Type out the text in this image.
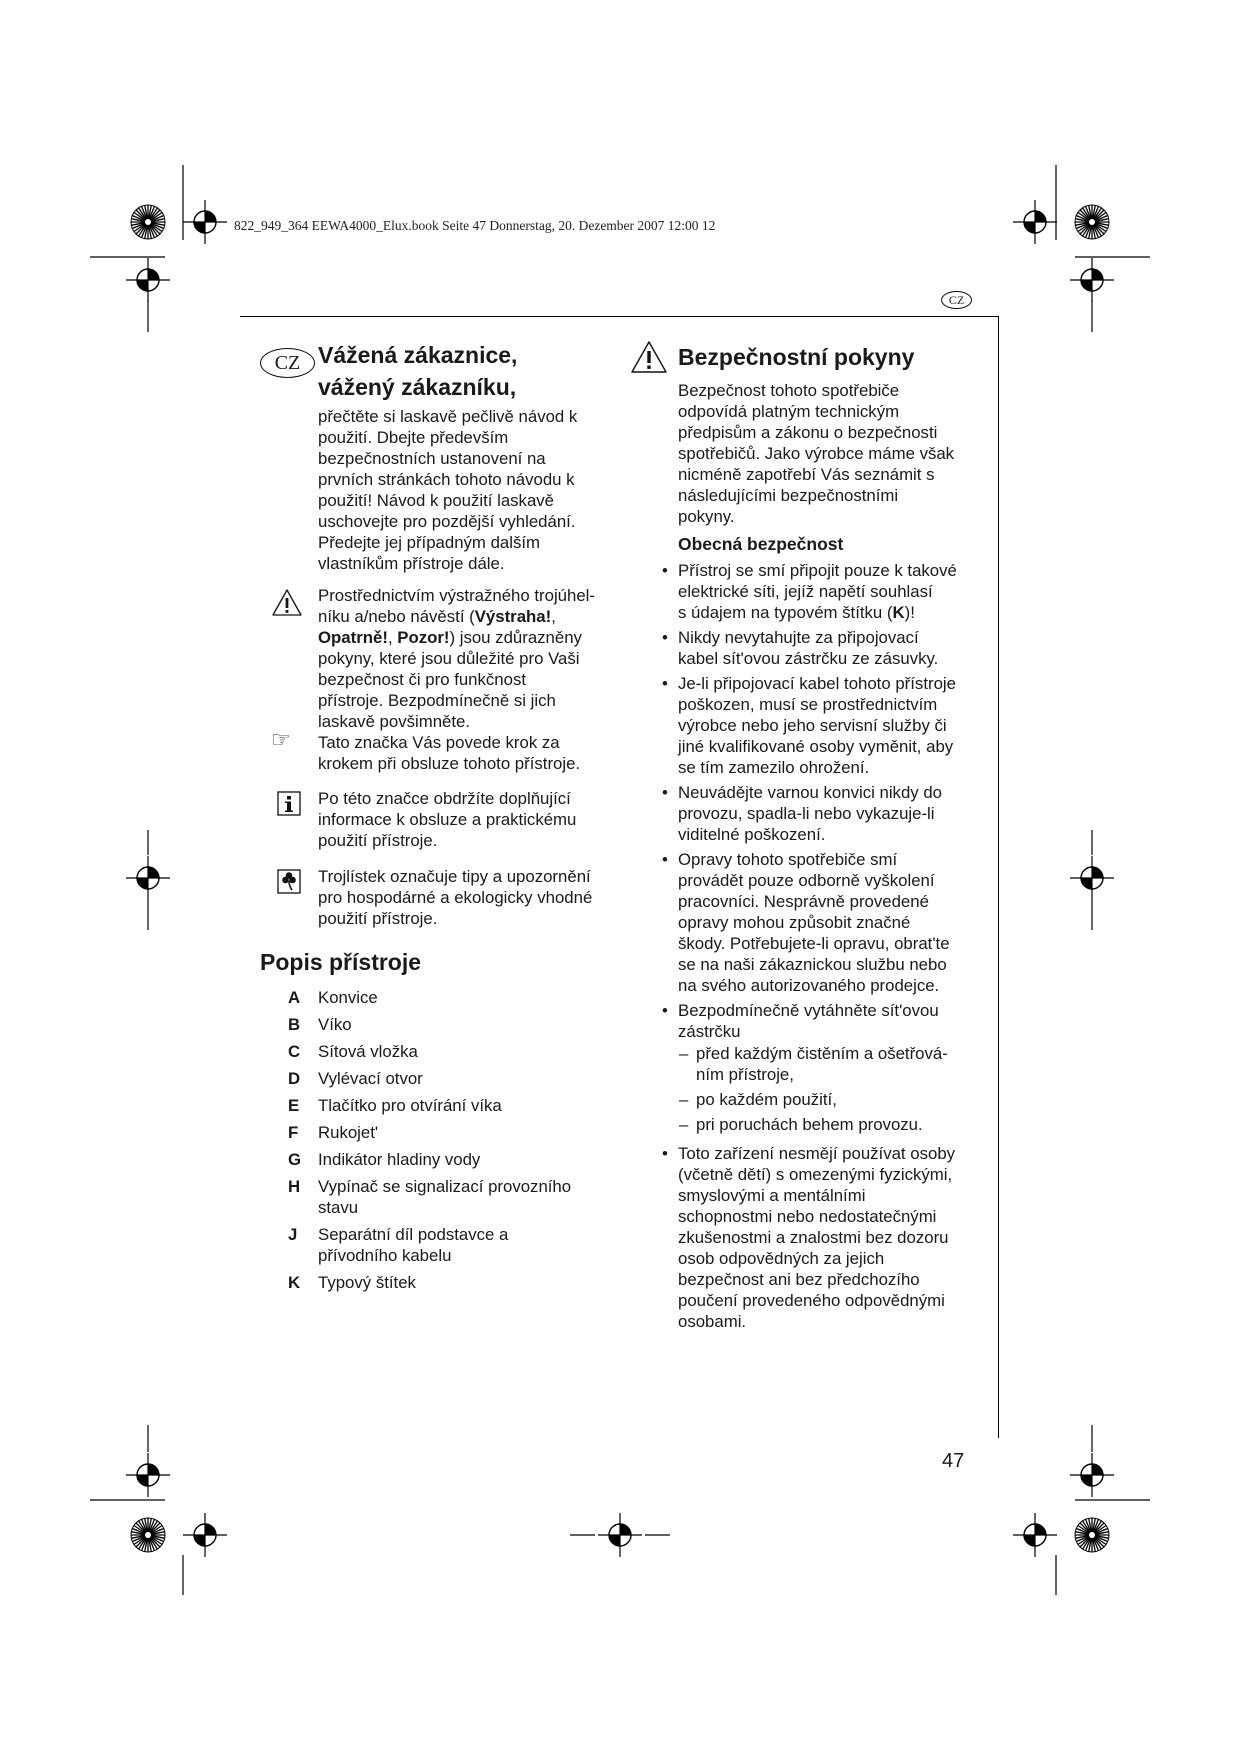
822_949_364 EEWA4000_Elux.book Seite 47 Donnerstag, 20. Dezember 2007 12:00 12
CZ
CZ Vážená zákaznice,
vážený zákazníku,
přečtěte si laskavě pečlivě návod k
použití. Dbejte především
bezpečnostních ustanovení na
prvních stránkách tohoto návodu k
použití! Návod k použití laskavě
uschovejte pro pozdější vyhledání.
Předejte jej případným dalším
vlastníkům přístroje dále.
Prostřednictvím výstražného trojúhel-
níku a/nebo návěstí (Výstraha!,
Opatrně!, Pozor!) jsou zdůrazněny
pokyny, které jsou důležité pro Vaši
bezpečnost či pro funkčnost
přístroje. Bezpodmínečně si jich
laskavě povšimněte.
☞ Tato značka Vás povede krok za
krokem při obsluze tohoto přístroje.
Po této značce obdržíte doplňující
informace k obsluze a praktickému
použití přístroje.
Trojlístek označuje tipy a upozornění
pro hospodárné a ekologicky vhodné
použití přístroje.
Popis přístroje
A	Konvice
B	Víko
C	Sítová vložka
D	Vylévací otvor
E	Tlačítko pro otvírání víka
F	Rukojet'
G	Indikátor hladiny vody
H	Vypínač se signalizací provozního
stavu
J	Separátní díl podstavce a
přívodního kabelu
K	Typový štítek
Bezpečnostní pokyny
Bezpečnost tohoto spotřebiče
odpovídá platným technickým
předpisům a zákonu o bezpečnosti
spotřebičů. Jako výrobce máme však
nicméně zapotřebí Vás seznámit s
následujícími bezpečnostními
pokyny.
Obecná bezpečnost
• Přístroj se smí připojit pouze k takové
elektrické síti, jejíž napětí souhlasí
s údajem na typovém štítku (K)!
• Nikdy nevytahujte za připojovací
kabel sít'ovou zástrčku ze zásuvky.
• Je-li připojovací kabel tohoto přístroje
poškozen, musí se prostřednictvím
výrobce nebo jeho servisní služby či
jiné kvalifikované osoby vyměnit, aby
se tím zamezilo ohrožení.
• Neuvádějte varnou konvici nikdy do
provozu, spadla-li nebo vykazuje-li
viditelné poškození.
• Opravy tohoto spotřebiče smí
provádět pouze odborně vyškolení
pracovníci. Nesprávně provedené
opravy mohou způsobit značné
škody. Potřebujete-li opravu, obrat'te
se na naši zákaznickou službu nebo
na svého autorizovaného prodejce.
• Bezpodmínečně vytáhněte sít'ovou
zástrčku
– před každým čistěním a ošetřová-
ním přístroje,
– po každém použití,
– pri poruchách behem provozu.
• Toto zařízení nesmějí používat osoby
(včetně dětí) s omezenými fyzickými,
smyslovými a mentálními
schopnostmi nebo nedostatečnými
zkušenostmi a znalostmi bez dozoru
osob odpovědných za jejich
bezpečnost ani bez předchozího
poučení provedeného odpovědnými
osobami.
47
